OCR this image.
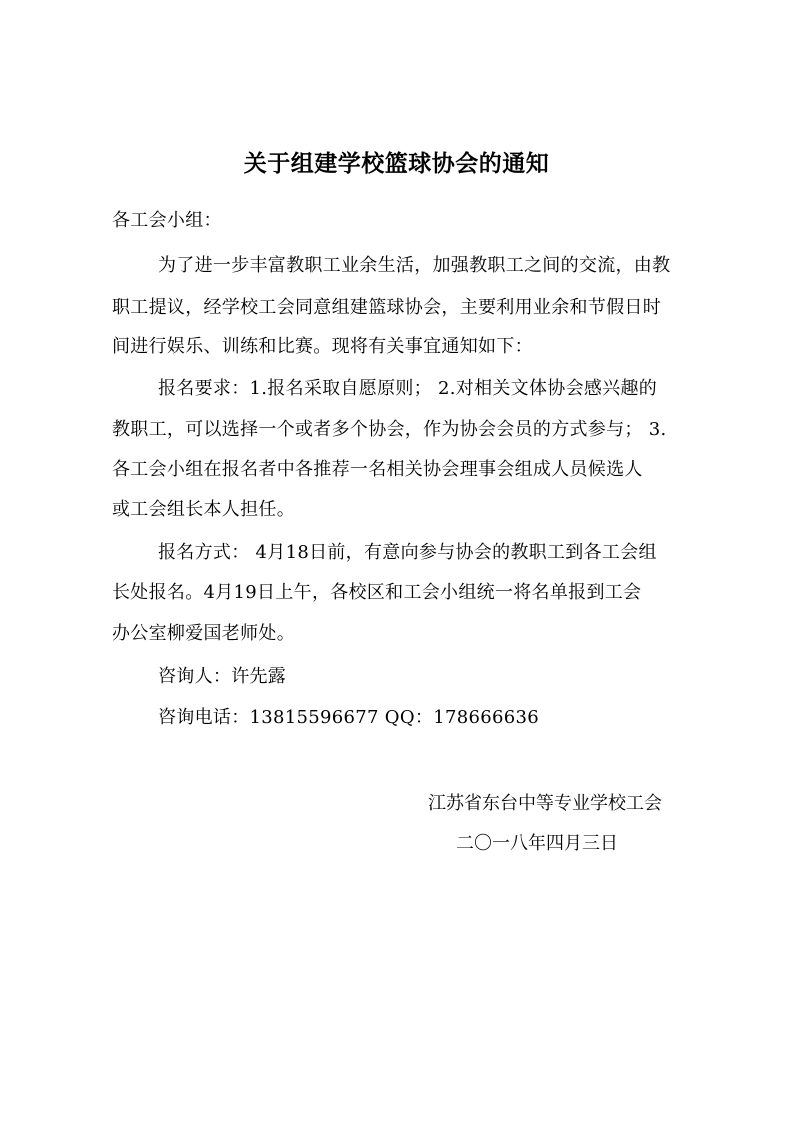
关于组建学校篮球协会的通知
各工会小组：
为了进一步丰富教职工业余生活，加强教职工之间的交流，由教
职工提议，经学校工会同意组建篮球协会，主要利用业余和节假日时
间进行娱乐、训练和比赛。现将有关事宜通知如下：
报名要求：1.报名采取自愿原则； 2.对相关文体协会感兴趣的
教职工，可以选择一个或者多个协会，作为协会会员的方式参与； 3.
各工会小组在报名者中各推荐一名相关协会理事会组成人员候选人
或工会组长本人担任。
报名方式： 4月18日前，有意向参与协会的教职工到各工会组
长处报名。4月19日上午，各校区和工会小组统一将名单报到工会
办公室柳爱国老师处。
咨询人：许先露
咨询电话：13815596677 QQ：178666636
江苏省东台中等专业学校工会
二〇一八年四月三日
